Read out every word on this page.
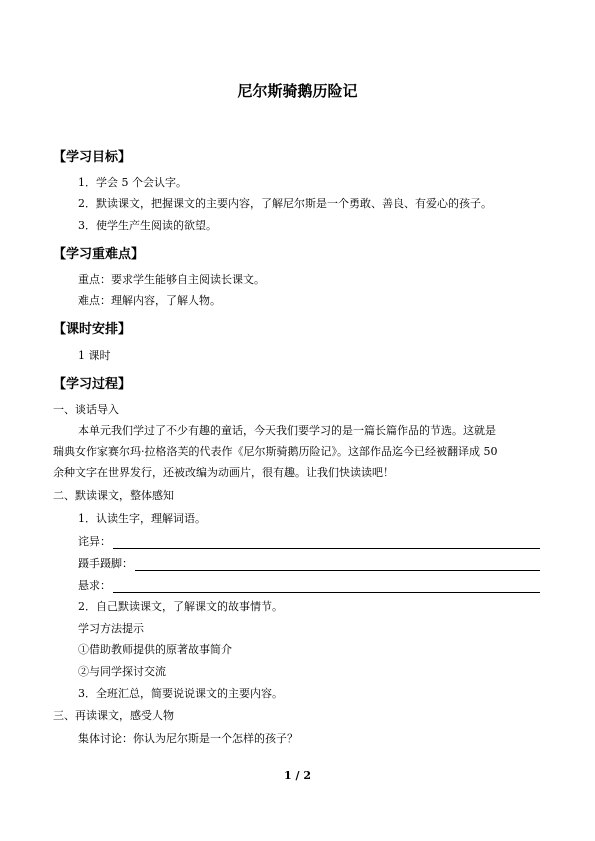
尼尔斯骑鹅历险记
【学习目标】
1．学会 5 个会认字。
2．默读课文，把握课文的主要内容，了解尼尔斯是一个勇敢、善良、有爱心的孩子。
3．使学生产生阅读的欲望。
【学习重难点】
重点：要求学生能够自主阅读长课文。
难点：理解内容，了解人物。
【课时安排】
1 课时
【学习过程】
一、谈话导入
本单元我们学过了不少有趣的童话，今天我们要学习的是一篇长篇作品的节选。这就是
瑞典女作家赛尔玛·拉格洛芙的代表作《尼尔斯骑鹅历险记》。这部作品迄今已经被翻译成 50
余种文字在世界发行，还被改编为动画片，很有趣。让我们快读读吧！
二、默读课文，整体感知
1．认读生字，理解词语。
诧异：
蹑手蹑脚：
悬求：
2．自己默读课文，了解课文的故事情节。
学习方法提示
①借助教师提供的原著故事简介
②与同学探讨交流
3．全班汇总，简要说说课文的主要内容。
三、再读课文，感受人物
集体讨论：你认为尼尔斯是一个怎样的孩子？
1 / 2
